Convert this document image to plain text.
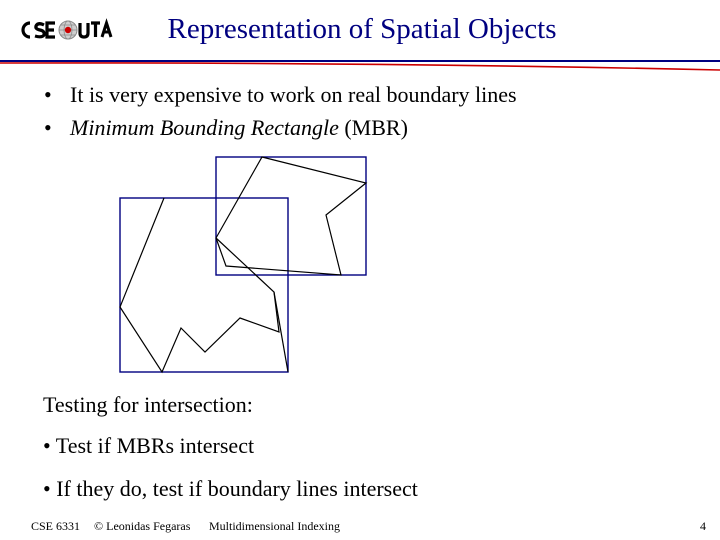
Representation of Spatial Objects
• It is very expensive to work on real boundary lines
• Minimum Bounding Rectangle (MBR)
Testing for intersection:

• Test if MBRs intersect

• If they do, test if boundary lines intersect

CSE 6331 © Leonidas Fegaras Multidimensional Indexing	4
